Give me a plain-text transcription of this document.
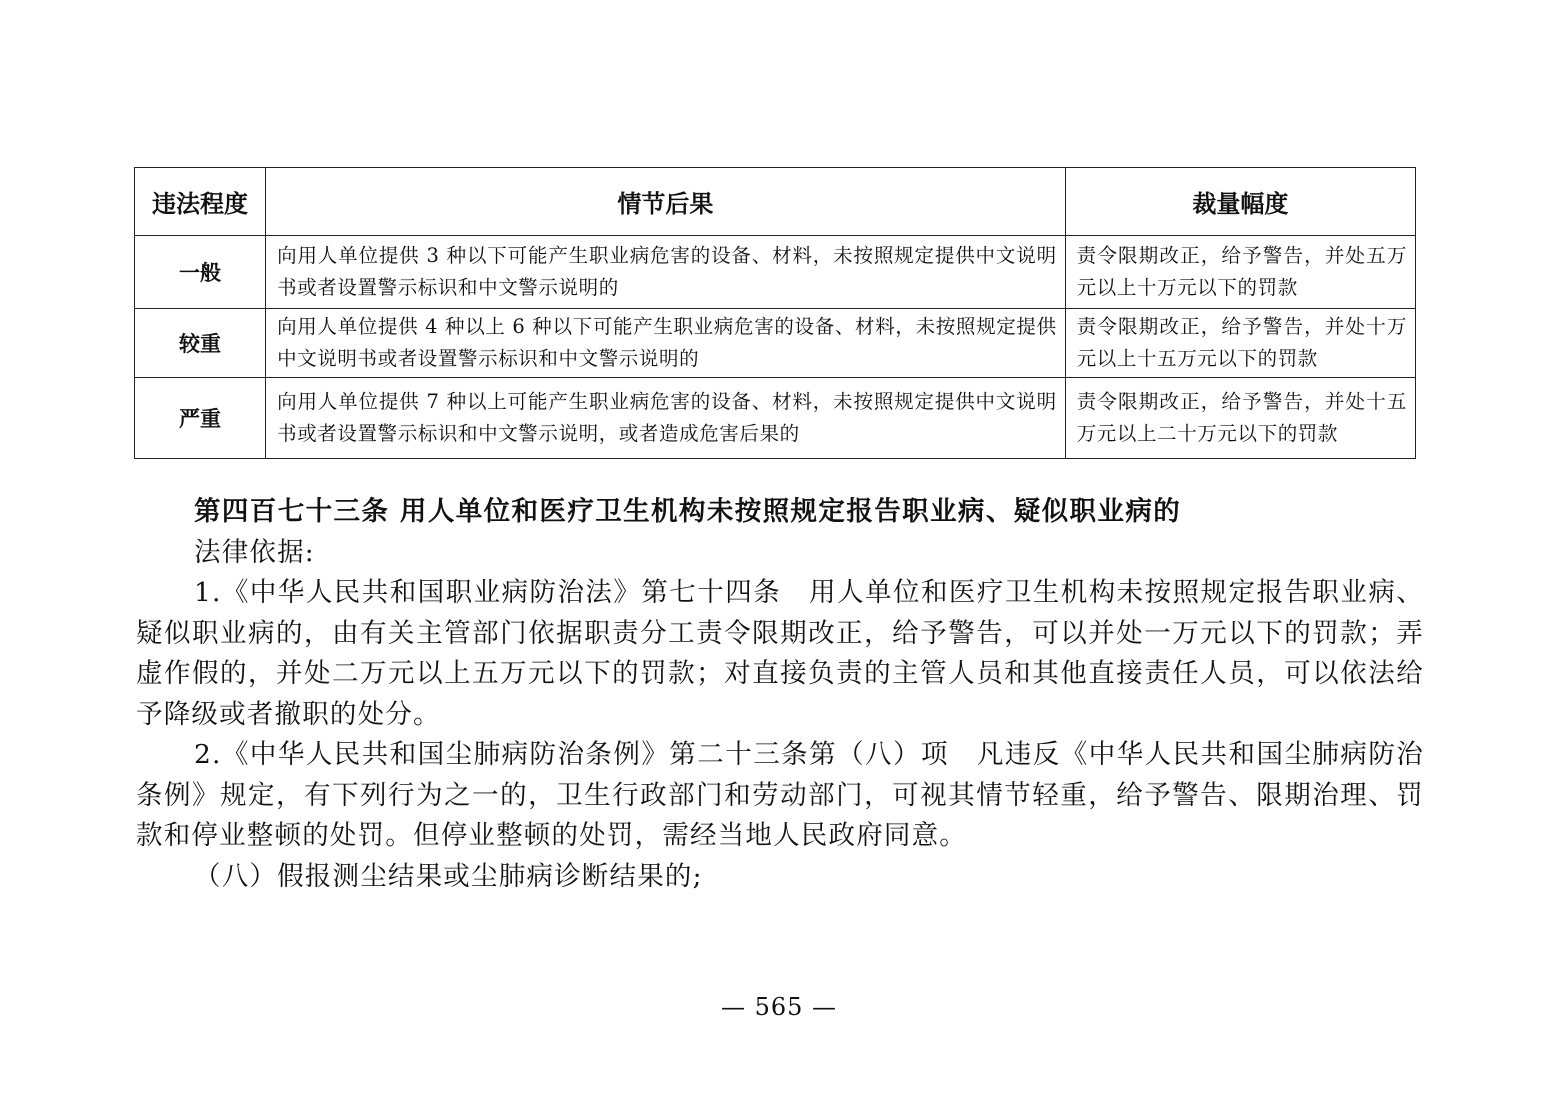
违法程度	情节后果	裁量幅度
一般	向用人单位提供 3 种以下可能产生职业病危害的设备、材料，未按照规定提供中文说明书或者设置警示标识和中文警示说明的	责令限期改正，给予警告，并处五万元以上十万元以下的罚款
较重	向用人单位提供 4 种以上 6 种以下可能产生职业病危害的设备、材料，未按照规定提供中文说明书或者设置警示标识和中文警示说明的	责令限期改正，给予警告，并处十万元以上十五万元以下的罚款
严重	向用人单位提供 7 种以上可能产生职业病危害的设备、材料，未按照规定提供中文说明书或者设置警示标识和中文警示说明，或者造成危害后果的	责令限期改正，给予警告，并处十五万元以上二十万元以下的罚款

第四百七十三条 用人单位和医疗卫生机构未按照规定报告职业病、疑似职业病的

法律依据:

1.《中华人民共和国职业病防治法》第七十四条　用人单位和医疗卫生机构未按照规定报告职业病、疑似职业病的，由有关主管部门依据职责分工责令限期改正，给予警告，可以并处一万元以下的罚款；弄虚作假的，并处二万元以上五万元以下的罚款；对直接负责的主管人员和其他直接责任人员，可以依法给予降级或者撤职的处分。

2.《中华人民共和国尘肺病防治条例》第二十三条第（八）项　凡违反《中华人民共和国尘肺病防治条例》规定，有下列行为之一的，卫生行政部门和劳动部门，可视其情节轻重，给予警告、限期治理、罚款和停业整顿的处罚。但停业整顿的处罚，需经当地人民政府同意。

（八）假报测尘结果或尘肺病诊断结果的;

— 565 —
